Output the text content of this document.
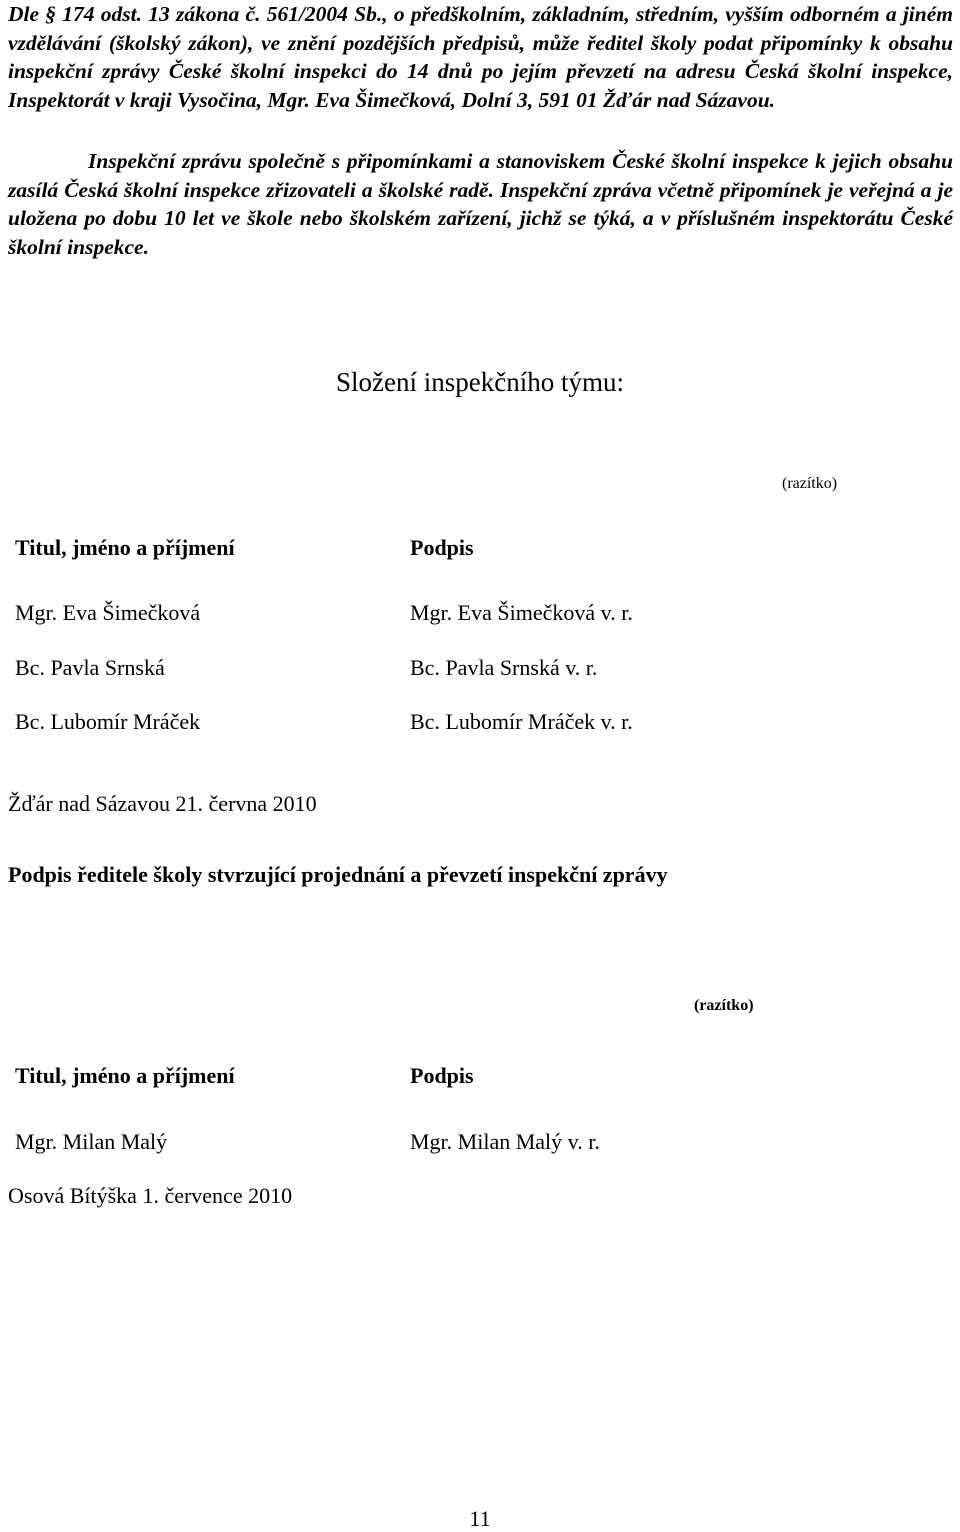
Dle § 174 odst. 13 zákona č. 561/2004 Sb., o předškolním, základním, středním, vyšším odborném a jiném vzdělávání (školský zákon), ve znění pozdějších předpisů, může ředitel školy podat připomínky k obsahu inspekční zprávy České školní inspekci do 14 dnů po jejím převzetí na adresu Česká školní inspekce, Inspektorát v kraji Vysočina, Mgr. Eva Šimečková, Dolní 3, 591 01 Žďár nad Sázavou.

Inspekční zprávu společně s připomínkami a stanoviskem České školní inspekce k jejich obsahu zasílá Česká školní inspekce zřizovateli a školské radě. Inspekční zpráva včetně připomínek je veřejná a je uložena po dobu 10 let ve škole nebo školském zařízení, jichž se týká, a v příslušném inspektorátu České školní inspekce.

Složení inspekčního týmu:
(razítko)
Titul, jméno a příjmení	Podpis
Mgr. Eva Šimečková	Mgr. Eva Šimečková v. r.
Bc. Pavla Srnská	Bc. Pavla Srnská v. r.
Bc. Lubomír Mráček	Bc. Lubomír Mráček v. r.
Žďár nad Sázavou 21. června 2010
Podpis ředitele školy stvrzující projednání a převzetí inspekční zprávy
(razítko)
Titul, jméno a příjmení	Podpis
Mgr. Milan Malý	Mgr. Milan Malý v. r.
Osová Bítýška 1. července 2010
11
